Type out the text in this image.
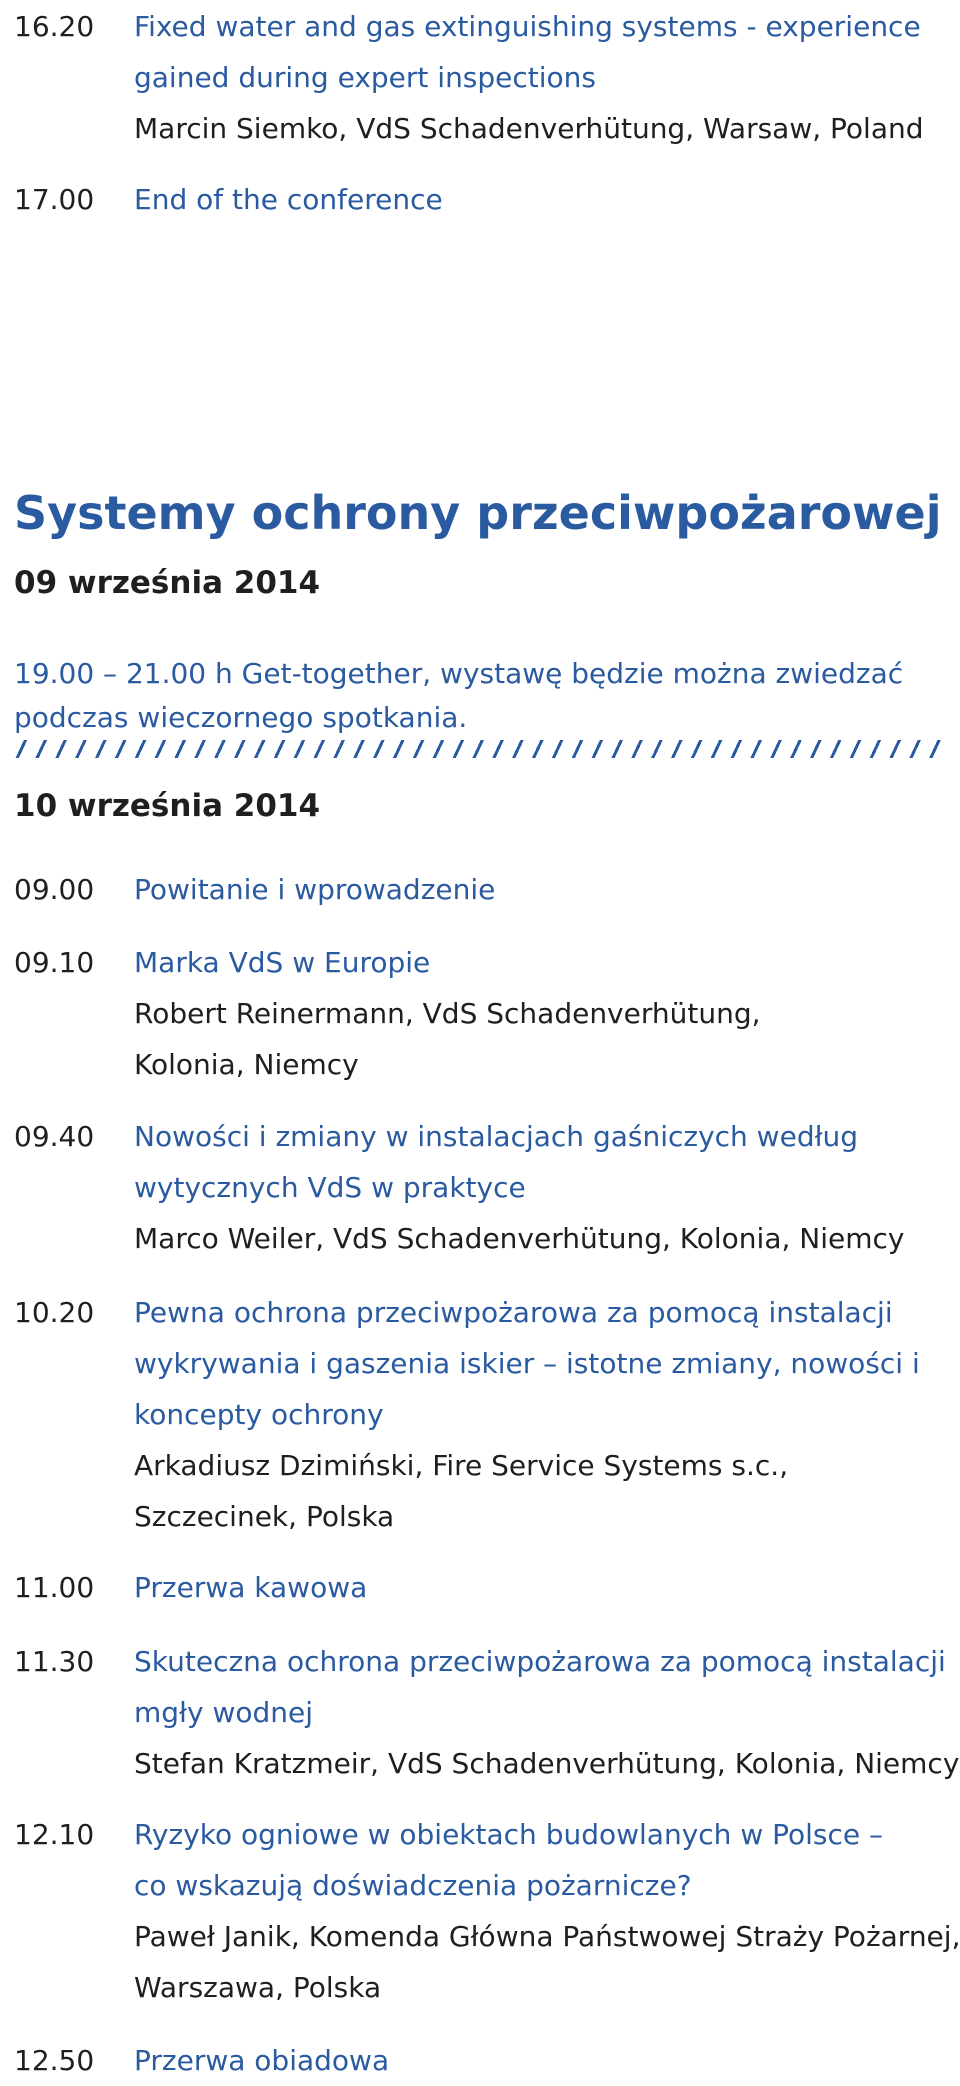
16.20	Fixed water and gas extinguishing systems - experience
gained during expert inspections
Marcin Siemko, VdS Schadenverhütung, Warsaw, Poland
17.00	End of the conference
Systemy ochrony przeciwpożarowej
09 września 2014

19.00 – 21.00 h Get-together, wystawę będzie można zwiedzać podczas wieczornego spotkania.

10 września 2014
09.00	Powitanie i wprowadzenie
09.10	Marka VdS w Europie
Robert Reinermann, VdS Schadenverhütung,
Kolonia, Niemcy
09.40	Nowości i zmiany w instalacjach gaśniczych według
wytycznych VdS w praktyce
Marco Weiler, VdS Schadenverhütung, Kolonia, Niemcy
10.20	Pewna ochrona przeciwpożarowa za pomocą instalacji
wykrywania i gaszenia iskier – istotne zmiany, nowości i
koncepty ochrony
Arkadiusz Dzimiński, Fire Service Systems s.c.,
Szczecinek, Polska
11.00	Przerwa kawowa
11.30	Skuteczna ochrona przeciwpożarowa za pomocą instalacji
mgły wodnej
Stefan Kratzmeir, VdS Schadenverhütung, Kolonia, Niemcy
12.10	Ryzyko ogniowe w obiektach budowlanych w Polsce –
co wskazują doświadczenia pożarnicze?
Paweł Janik, Komenda Główna Państwowej Straży Pożarnej,
Warszawa, Polska
12.50	Przerwa obiadowa
